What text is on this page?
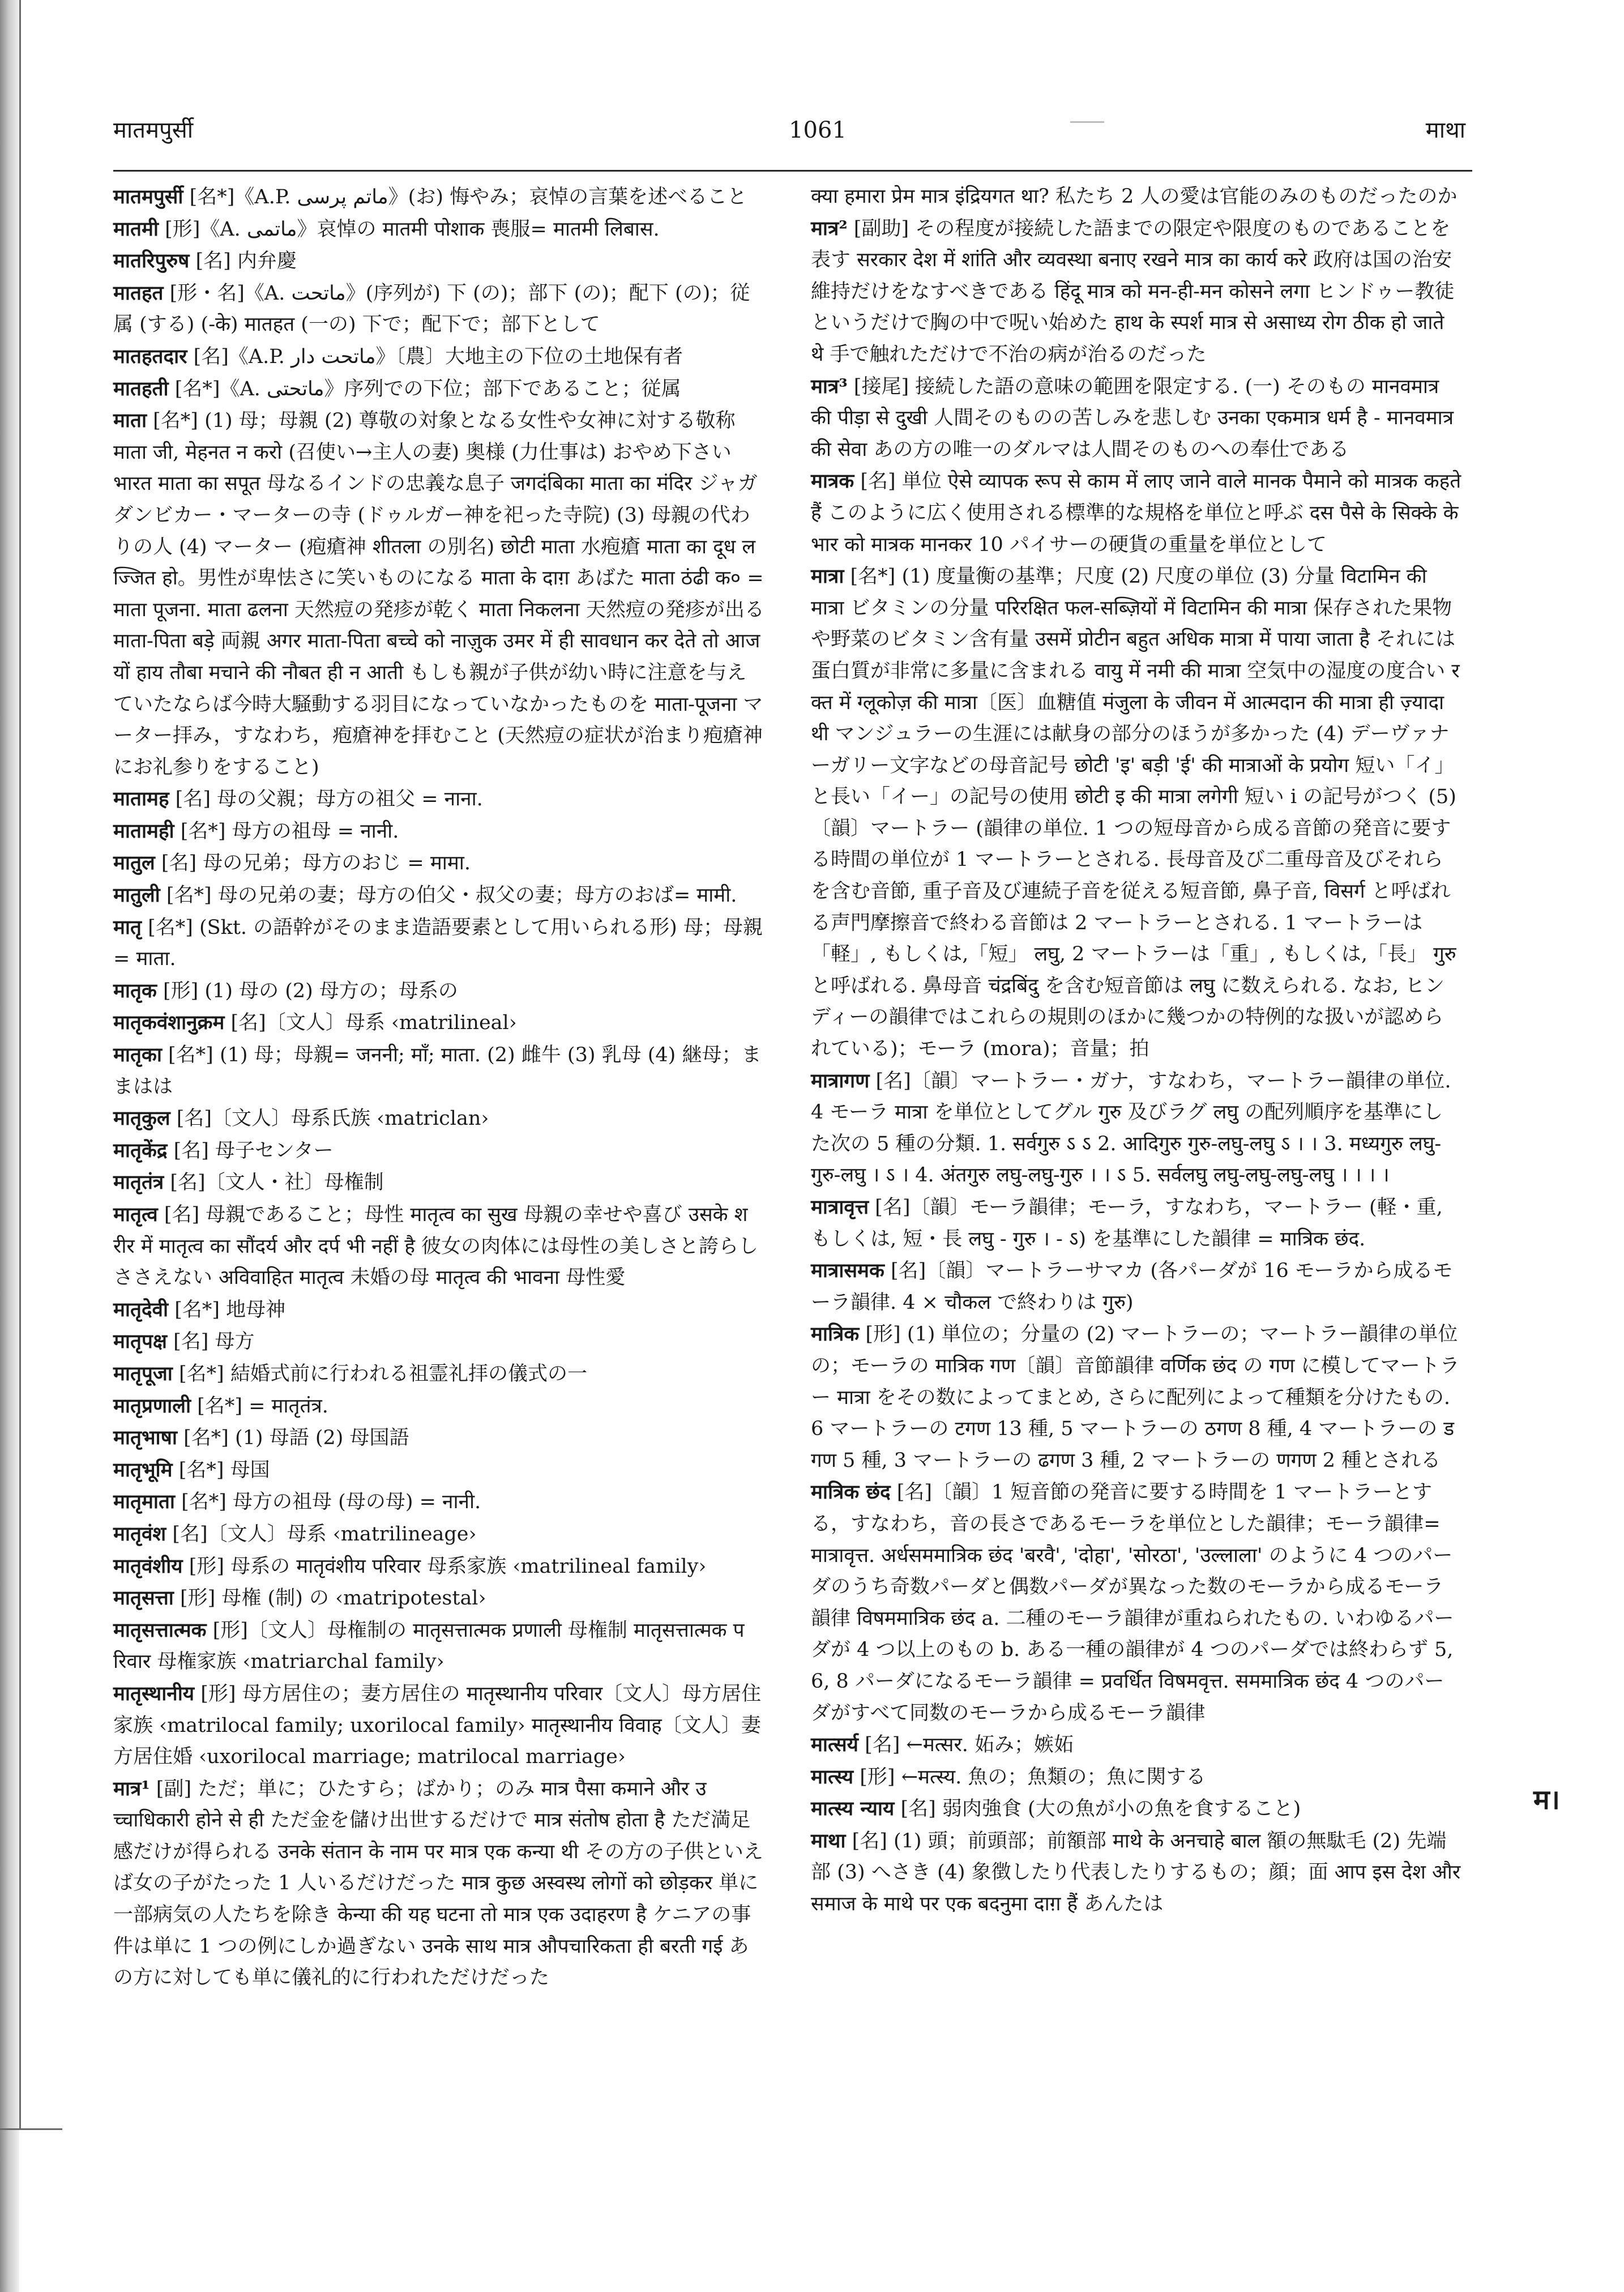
मातमपुर्सी	1061	माथा

मातमपुर्सी [名*]《A.P. ماتم پرسی》(お) 悔やみ；哀悼の言葉を述べること

मातमी [形]《A. ماتمی》哀悼の मातमी पोशाक 喪服= मातमी लिबास.

मातरिपुरुष [名] 内弁慶

मातहत [形・名]《A. ماتحت》(序列が) 下 (の)；部下 (の)；配下 (の)；従属 (する) (-के) मातहत (一の) 下で；配下で；部下として

मातहतदार [名]《A.P. ماتحت دار》〔農〕大地主の下位の土地保有者

मातहती [名*]《A. ماتحتی》序列での下位；部下であること；従属

माता [名*] (1) 母；母親 (2) 尊敬の対象となる女性や女神に対する敬称 माता जी, मेहनत न करो (召使い→主人の妻) 奥様 (力仕事は) おやめ下さい भारत माता का सपूत 母なるインドの忠義な息子 जगदंबिका माता का मंदिर ジャガダンビカー・マーターの寺 (ドゥルガー神を祀った寺院) (3) 母親の代わりの人 (4) マーター (疱瘡神 शीतला の別名) छोटी माता 水疱瘡 माता का दूध लज्जित हो。男性が卑怯さに笑いものになる माता के दाग़ あばた माता ठंढी क० = माता पूजना. माता ढलना 天然痘の発疹が乾く माता निकलना 天然痘の発疹が出る माता-पिता बड़े 両親 अगर माता-पिता बच्चे को नाज़ुक उमर में ही सावधान कर देते तो आज यों हाय तौबा मचाने की नौबत ही न आती もしも親が子供が幼い時に注意を与えていたならば今時大騒動する羽目になっていなかったものを माता-पूजना マーター拝み，すなわち，疱瘡神を拝むこと (天然痘の症状が治まり疱瘡神にお礼参りをすること)

मातामह [名] 母の父親；母方の祖父 = नाना.

मातामही [名*] 母方の祖母 = नानी.

मातुल [名] 母の兄弟；母方のおじ = मामा.

मातुली [名*] 母の兄弟の妻；母方の伯父・叔父の妻；母方のおば= मामी.

मातृ [名*] (Skt. の語幹がそのまま造語要素として用いられる形) 母；母親 = माता.

मातृक [形] (1) 母の (2) 母方の；母系の

मातृकवंशानुक्रम [名]〔文人〕母系 ‹matrilineal›

मातृका [名*] (1) 母；母親= जननी; माँ; माता. (2) 雌牛 (3) 乳母 (4) 継母；ままはは

मातृकुल [名]〔文人〕母系氏族 ‹matriclan›

मातृकेंद्र [名] 母子センター

मातृतंत्र [名]〔文人・社〕母権制

मातृत्व [名] 母親であること；母性 मातृत्व का सुख 母親の幸せや喜び उसके शरीर में मातृत्व का सौंदर्य और दर्प भी नहीं है 彼女の肉体には母性の美しさと誇らしささえない अविवाहित मातृत्व 未婚の母 मातृत्व की भावना 母性愛

मातृदेवी [名*] 地母神

मातृपक्ष [名] 母方

मातृपूजा [名*] 結婚式前に行われる祖霊礼拝の儀式の一

मातृप्रणाली [名*] = मातृतंत्र.

मातृभाषा [名*] (1) 母語 (2) 母国語

मातृभूमि [名*] 母国

मातृमाता [名*] 母方の祖母 (母の母) = नानी.

मातृवंश [名]〔文人〕母系 ‹matrilineage›

मातृवंशीय [形] 母系の मातृवंशीय परिवार 母系家族 ‹matrilineal family›

मातृसत्ता [形] 母権 (制) の ‹matripotestal›

मातृसत्तात्मक [形]〔文人〕母権制の मातृसत्तात्मक प्रणाली 母権制 मातृसत्तात्मक परिवार 母権家族 ‹matriarchal family›

मातृस्थानीय [形] 母方居住の；妻方居住の मातृस्थानीय परिवार〔文人〕母方居住家族 ‹matrilocal family; uxorilocal family› मातृस्थानीय विवाह〔文人〕妻方居住婚 ‹uxorilocal marriage; matrilocal marriage›

मात्र¹ [副] ただ；単に；ひたすら；ばかり；のみ मात्र पैसा कमाने और उच्चाधिकारी होने से ही ただ金を儲け出世するだけで मात्र संतोष होता है ただ満足感だけが得られる उनके संतान के नाम पर मात्र एक कन्या थी その方の子供といえば女の子がたった 1 人いるだけだった मात्र कुछ अस्वस्थ लोगों को छोड़कर 単に一部病気の人たちを除き केन्या की यह घटना तो मात्र एक उदाहरण है ケニアの事件は単に 1 つの例にしか過ぎない उनके साथ मात्र औपचारिकता ही बरती गई あの方に対しても単に儀礼的に行われただけだった

क्या हमारा प्रेम मात्र इंद्रियगत था? 私たち 2 人の愛は官能のみのものだったのか

मात्र² [副助] その程度が接続した語までの限定や限度のものであることを表す सरकार देश में शांति और व्यवस्था बनाए रखने मात्र का कार्य करे 政府は国の治安維持だけをなすべきである हिंदू मात्र को मन-ही-मन कोसने लगा ヒンドゥー教徒というだけで胸の中で呪い始めた हाथ के स्पर्श मात्र से असाध्य रोग ठीक हो जाते थे 手で触れただけで不治の病が治るのだった

मात्र³ [接尾] 接続した語の意味の範囲を限定する. (一) そのもの मानवमात्र की पीड़ा से दुखी 人間そのものの苦しみを悲しむ उनका एकमात्र धर्म है - मानवमात्र की सेवा あの方の唯一のダルマは人間そのものへの奉仕である

मात्रक [名] 単位 ऐसे व्यापक रूप से काम में लाए जाने वाले मानक पैमाने को मात्रक कहते हैं このように広く使用される標準的な規格を単位と呼ぶ दस पैसे के सिक्के के भार को मात्रक मानकर 10 パイサーの硬貨の重量を単位として

मात्रा [名*] (1) 度量衡の基準；尺度 (2) 尺度の単位 (3) 分量 विटामिन की मात्रा ビタミンの分量 परिरक्षित फल-सब्ज़ियों में विटामिन की मात्रा 保存された果物や野菜のビタミン含有量 उसमें प्रोटीन बहुत अधिक मात्रा में पाया जाता है それには蛋白質が非常に多量に含まれる वायु में नमी की मात्रा 空気中の湿度の度合い रक्त में ग्लूकोज़ की मात्रा〔医〕血糖值 मंजुला के जीवन में आत्मदान की मात्रा ही ज़्यादा थी マンジュラーの生涯には献身の部分のほうが多かった (4) デーヴァナーガリー文字などの母音記号 छोटी 'इ' बड़ी 'ई' की मात्राओं के प्रयोग 短い「イ」と長い「イー」の記号の使用 छोटी इ की मात्रा लगेगी 短い i の記号がつく (5)〔韻〕マートラー (韻律の単位. 1 つの短母音から成る音節の発音に要する時間の単位が 1 マートラーとされる. 長母音及び二重母音及びそれらを含む音節, 重子音及び連続子音を従える短音節, 鼻子音, विसर्ग と呼ばれる声門摩擦音で終わる音節は 2 マートラーとされる. 1 マートラーは「軽」, もしくは,「短」 लघु, 2 マートラーは「重」, もしくは,「長」 गुरु と呼ばれる. 鼻母音 चंद्रबिंदु を含む短音節は लघु に数えられる. なお, ヒンディーの韻律ではこれらの規則のほかに幾つかの特例的な扱いが認められている)；モーラ (mora)；音量；拍

मात्रागण [名]〔韻〕マートラー・ガナ，すなわち，マートラー韻律の単位. 4 モーラ मात्रा を単位としてグル गुरु 及びラグ लघु の配列順序を基準にした次の 5 種の分類. 1. सर्वगुरु ऽ ऽ 2. आदिगुरु गुरु-लघु-लघु ऽ । । 3. मध्यगुरु लघु-गुरु-लघु । ऽ । 4. अंतगुरु लघु-लघु-गुरु । । ऽ 5. सर्वलघु लघु-लघु-लघु-लघु । । । ।

मात्रावृत्त [名]〔韻〕モーラ韻律；モーラ，すなわち，マートラー (軽・重, もしくは, 短・長 लघु - गुरु । - ऽ) を基準にした韻律 = मात्रिक छंद.

मात्रासमक [名]〔韻〕マートラーサマカ (各パーダが 16 モーラから成るモーラ韻律. 4 × चौकल で終わりは गुरु)

मात्रिक [形] (1) 単位の；分量の (2) マートラーの；マートラー韻律の単位の；モーラの मात्रिक गण〔韻〕音節韻律 वर्णिक छंद の गण に模してマートラー मात्रा をその数によってまとめ, さらに配列によって種類を分けたもの. 6 マートラーの टगण 13 種, 5 マートラーの ठगण 8 種, 4 マートラーの डगण 5 種, 3 マートラーの ढगण 3 種, 2 マートラーの णगण 2 種とされる

मात्रिक छंद [名]〔韻〕1 短音節の発音に要する時間を 1 マートラーとする，すなわち，音の長さであるモーラを単位とした韻律；モーラ韻律= मात्रावृत्त. अर्धसममात्रिक छंद 'बरवै', 'दोहा', 'सोरठा', 'उल्लाला' のように 4 つのパーダのうち奇数パーダと偶数パーダが異なった数のモーラから成るモーラ韻律 विषममात्रिक छंद a. 二種のモーラ韻律が重ねられたもの. いわゆるパーダが 4 つ以上のもの b. ある一種の韻律が 4 つのパーダでは終わらず 5, 6, 8 パーダになるモーラ韻律 = प्रवर्धित विषमवृत्त. सममात्रिक छंद 4 つのパーダがすべて同数のモーラから成るモーラ韻律

मात्सर्य [名] ←मत्सर. 妬み；嫉妬

मात्स्य [形] ←मत्स्य. 魚の；魚類の；魚に関する

मात्स्य न्याय [名] 弱肉強食 (大の魚が小の魚を食すること)

माथा [名] (1) 頭；前頭部；前額部 माथे के अनचाहे बाल 額の無駄毛 (2) 先端部 (3) へさき (4) 象徴したり代表したりするもの；顔；面 आप इस देश और समाज के माथे पर एक बदनुमा दाग़ हैं あんたは

म।
